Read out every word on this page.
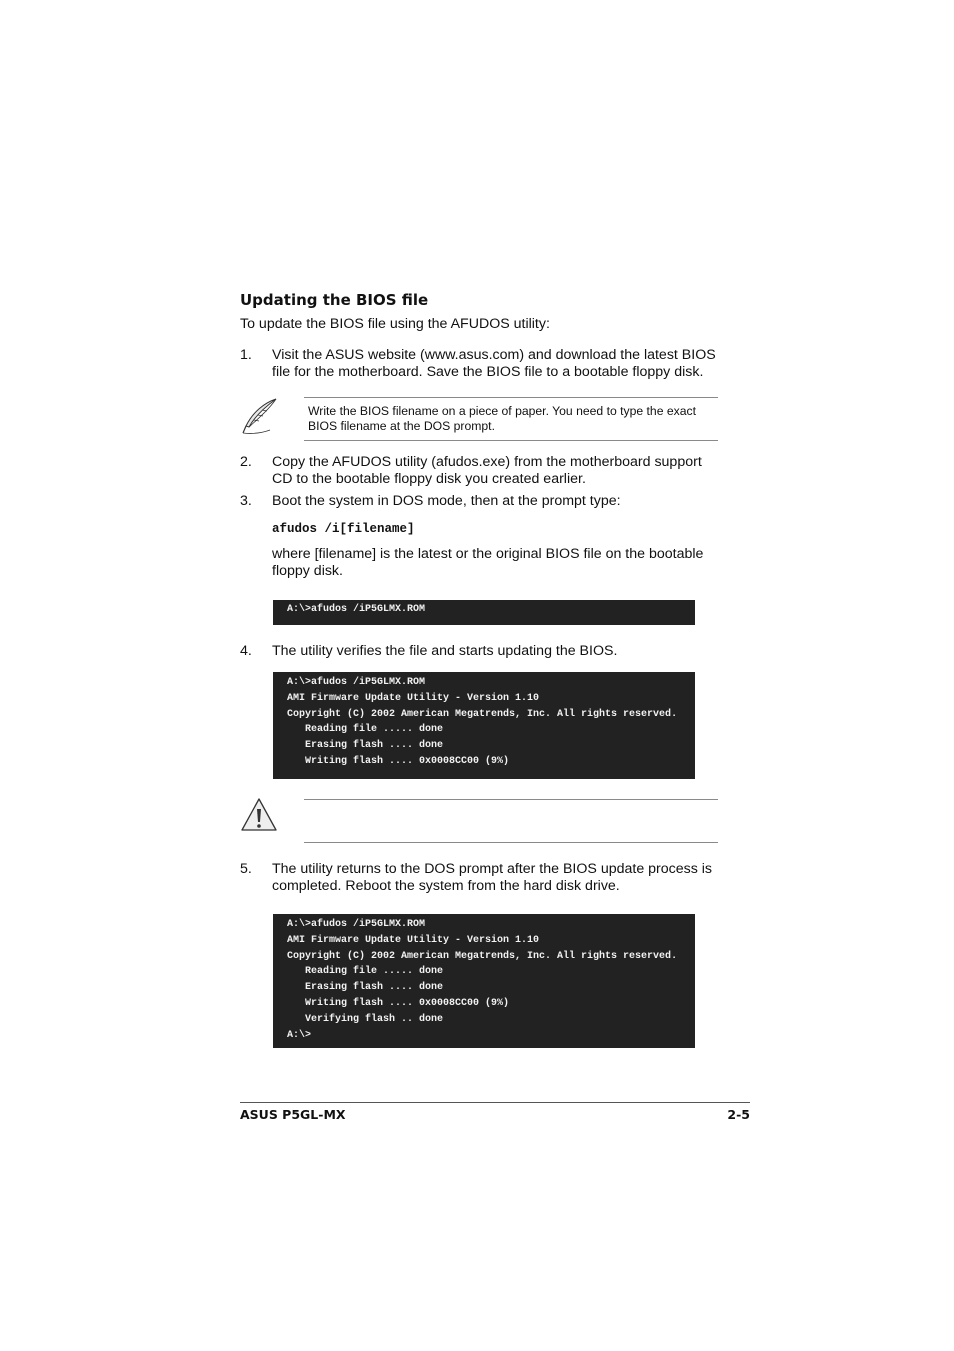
Updating the BIOS file
To update the BIOS file using the AFUDOS utility:
1.	Visit the ASUS website (www.asus.com) and download the latest BIOS file for the motherboard. Save the BIOS file to a bootable floppy disk.
Write the BIOS filename on a piece of paper. You need to type the exact BIOS filename at the DOS prompt.
2.	Copy the AFUDOS utility (afudos.exe) from the motherboard support CD to the bootable floppy disk you created earlier.
3.	Boot the system in DOS mode, then at the prompt type:
afudos /i[filename]
where [filename] is the latest or the original BIOS file on the bootable floppy disk.
A:\>afudos /iP5GLMX.ROM
4.	The utility verifies the file and starts updating the BIOS.
A:\>afudos /iP5GLMX.ROM
AMI Firmware Update Utility - Version 1.10
Copyright (C) 2002 American Megatrends, Inc. All rights reserved.
Reading file ..... done
Erasing flash .... done
Writing flash .... 0x0008CC00 (9%)
5.	The utility returns to the DOS prompt after the BIOS update process is completed. Reboot the system from the hard disk drive.
A:\>afudos /iP5GLMX.ROM
AMI Firmware Update Utility - Version 1.10
Copyright (C) 2002 American Megatrends, Inc. All rights reserved.
Reading file ..... done
Erasing flash .... done
Writing flash .... 0x0008CC00 (9%)
Verifying flash .. done
A:\>
ASUS P5GL-MX	2-5
